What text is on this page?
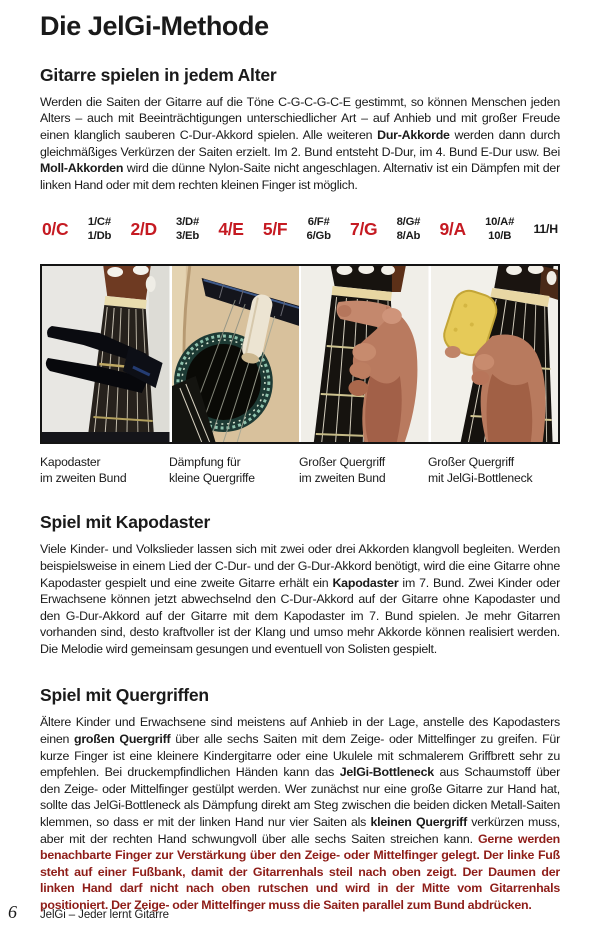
Die JelGi-Methode
Gitarre spielen in jedem Alter

Werden die Saiten der Gitarre auf die Töne C-G-C-G-C-E gestimmt, so können Menschen jeden Alters – auch mit Beeinträchtigungen unterschiedlicher Art – auf Anhieb und mit großer Freude einen klanglich sauberen C-Dur-Akkord spielen. Alle weiteren Dur-Akkorde werden dann durch gleichmäßiges Verkürzen der Saiten erzielt. Im 2. Bund entsteht D-Dur, im 4. Bund E-Dur usw. Bei Moll-Akkorden wird die dünne Nylon-Saite nicht angeschlagen. Alternativ ist ein Dämpfen mit der linken Hand oder mit dem rechten kleinen Finger ist möglich.

0/C 1/C#
1/Db 2/D 3/D#
3/Eb 4/E 5/F 6/F#
6/Gb 7/G 8/G#
8/Ab 9/A 10/A#
10/B 11/H
Kapodaster
im zweiten Bund
Dämpfung für
kleine Quergriffe
Großer Quergriff
im zweiten Bund
Großer Quergriff
mit JelGi-Bottleneck
Spiel mit Kapodaster

Viele Kinder- und Volkslieder lassen sich mit zwei oder drei Akkorden klangvoll begleiten. Werden beispielsweise in einem Lied der C-Dur- und der G-Dur-Akkord benötigt, wird die eine Gitarre ohne Kapodaster gespielt und eine zweite Gitarre erhält ein Kapodaster im 7. Bund. Zwei Kinder oder Erwachsene können jetzt abwechselnd den C-Dur-Akkord auf der Gitarre ohne Kapodaster und den G-Dur-Akkord auf der Gitarre mit dem Kapodaster im 7. Bund spielen. Je mehr Gitarren vorhanden sind, desto kraftvoller ist der Klang und umso mehr Akkorde können realisiert werden. Die Melodie wird gemeinsam gesungen und eventuell von Solisten gespielt.

Spiel mit Quergriffen

Ältere Kinder und Erwachsene sind meistens auf Anhieb in der Lage, anstelle des Kapodasters einen großen Quergriff über alle sechs Saiten mit dem Zeige- oder Mittelfinger zu greifen. Für kurze Finger ist eine kleinere Kindergitarre oder eine Ukulele mit schmalerem Griffbrett sehr zu empfehlen. Bei druckempfindlichen Händen kann das JelGi-Bottleneck aus Schaumstoff über den Zeige- oder Mittelfinger gestülpt werden. Wer zunächst nur eine große Gitarre zur Hand hat, sollte das JelGi-Bottleneck als Dämpfung direkt am Steg zwischen die beiden dicken Metall-Saiten klemmen, so dass er mit der linken Hand nur vier Saiten als kleinen Quergriff verkürzen muss, aber mit der rechten Hand schwungvoll über alle sechs Saiten streichen kann. Gerne werden benachbarte Finger zur Verstärkung über den Zeige- oder Mittelfinger gelegt. Der linke Fuß steht auf einer Fußbank, damit der Gitarrenhals steil nach oben zeigt. Der Daumen der linken Hand darf nicht nach oben rutschen und wird in der Mitte vom Gitarrenhals positioniert. Der Zeige- oder Mittelfinger muss die Saiten parallel zum Bund abdrücken.

6 JelGi – Jeder lernt Gitarre
